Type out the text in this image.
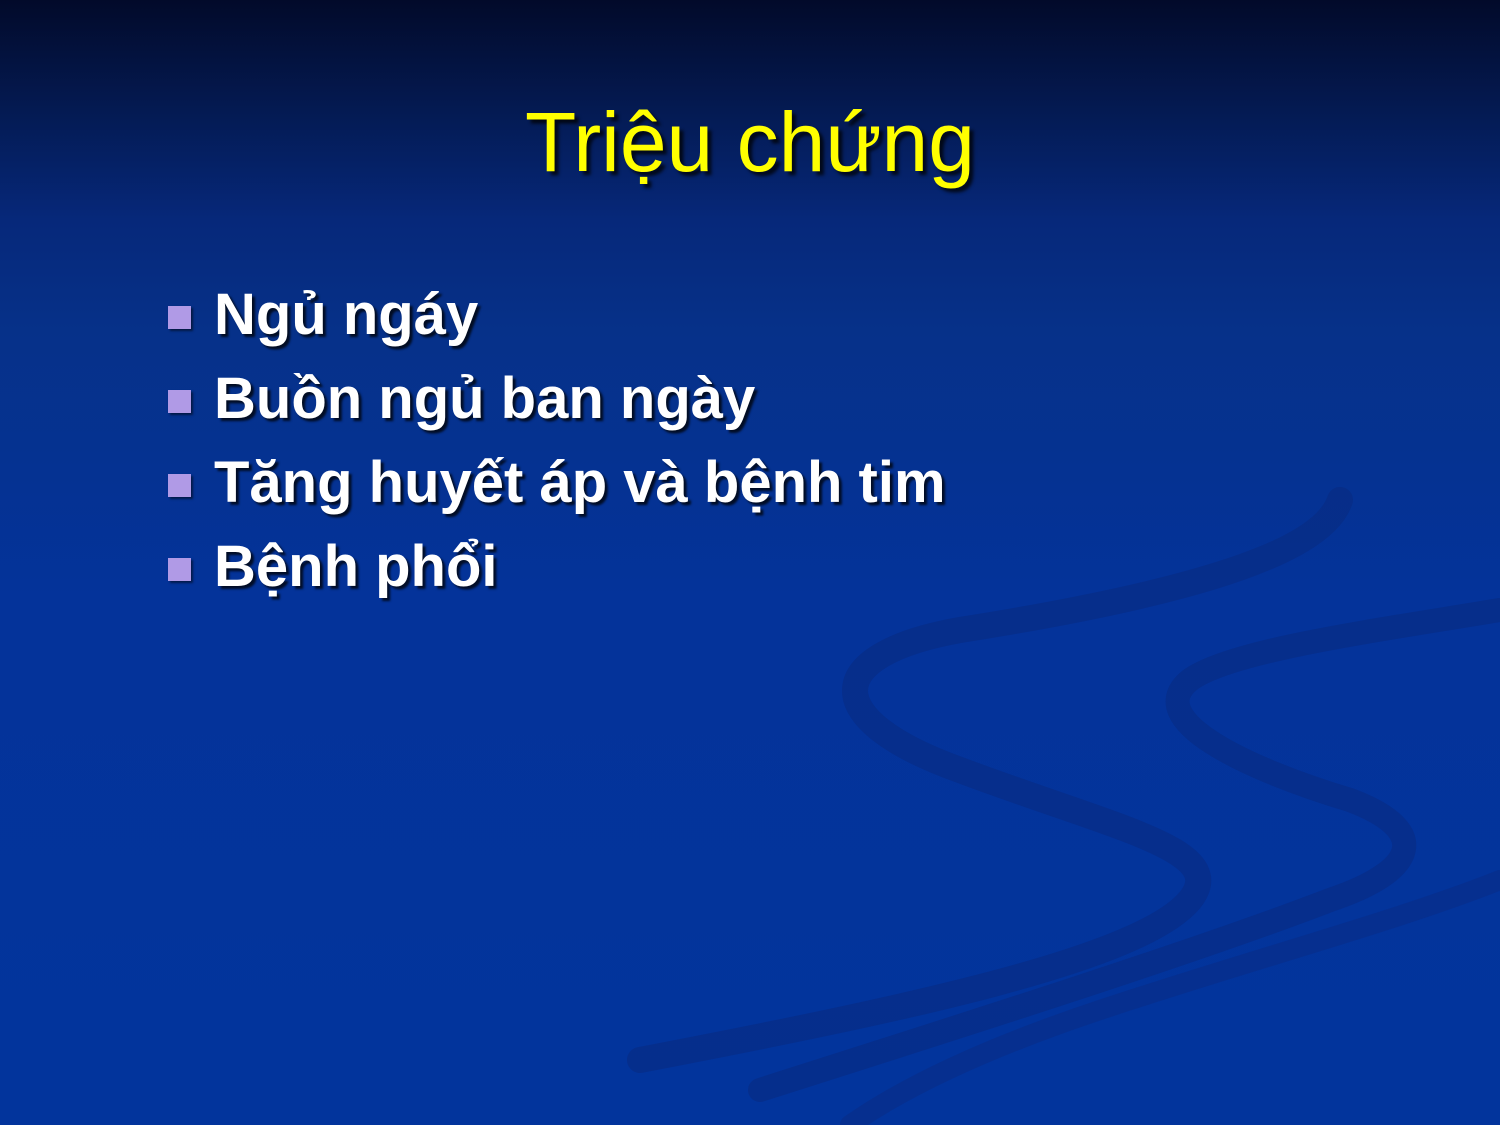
Triệu chứng
Ngủ ngáy
Buồn ngủ ban ngày
Tăng huyết áp và bệnh tim
Bệnh phổi
